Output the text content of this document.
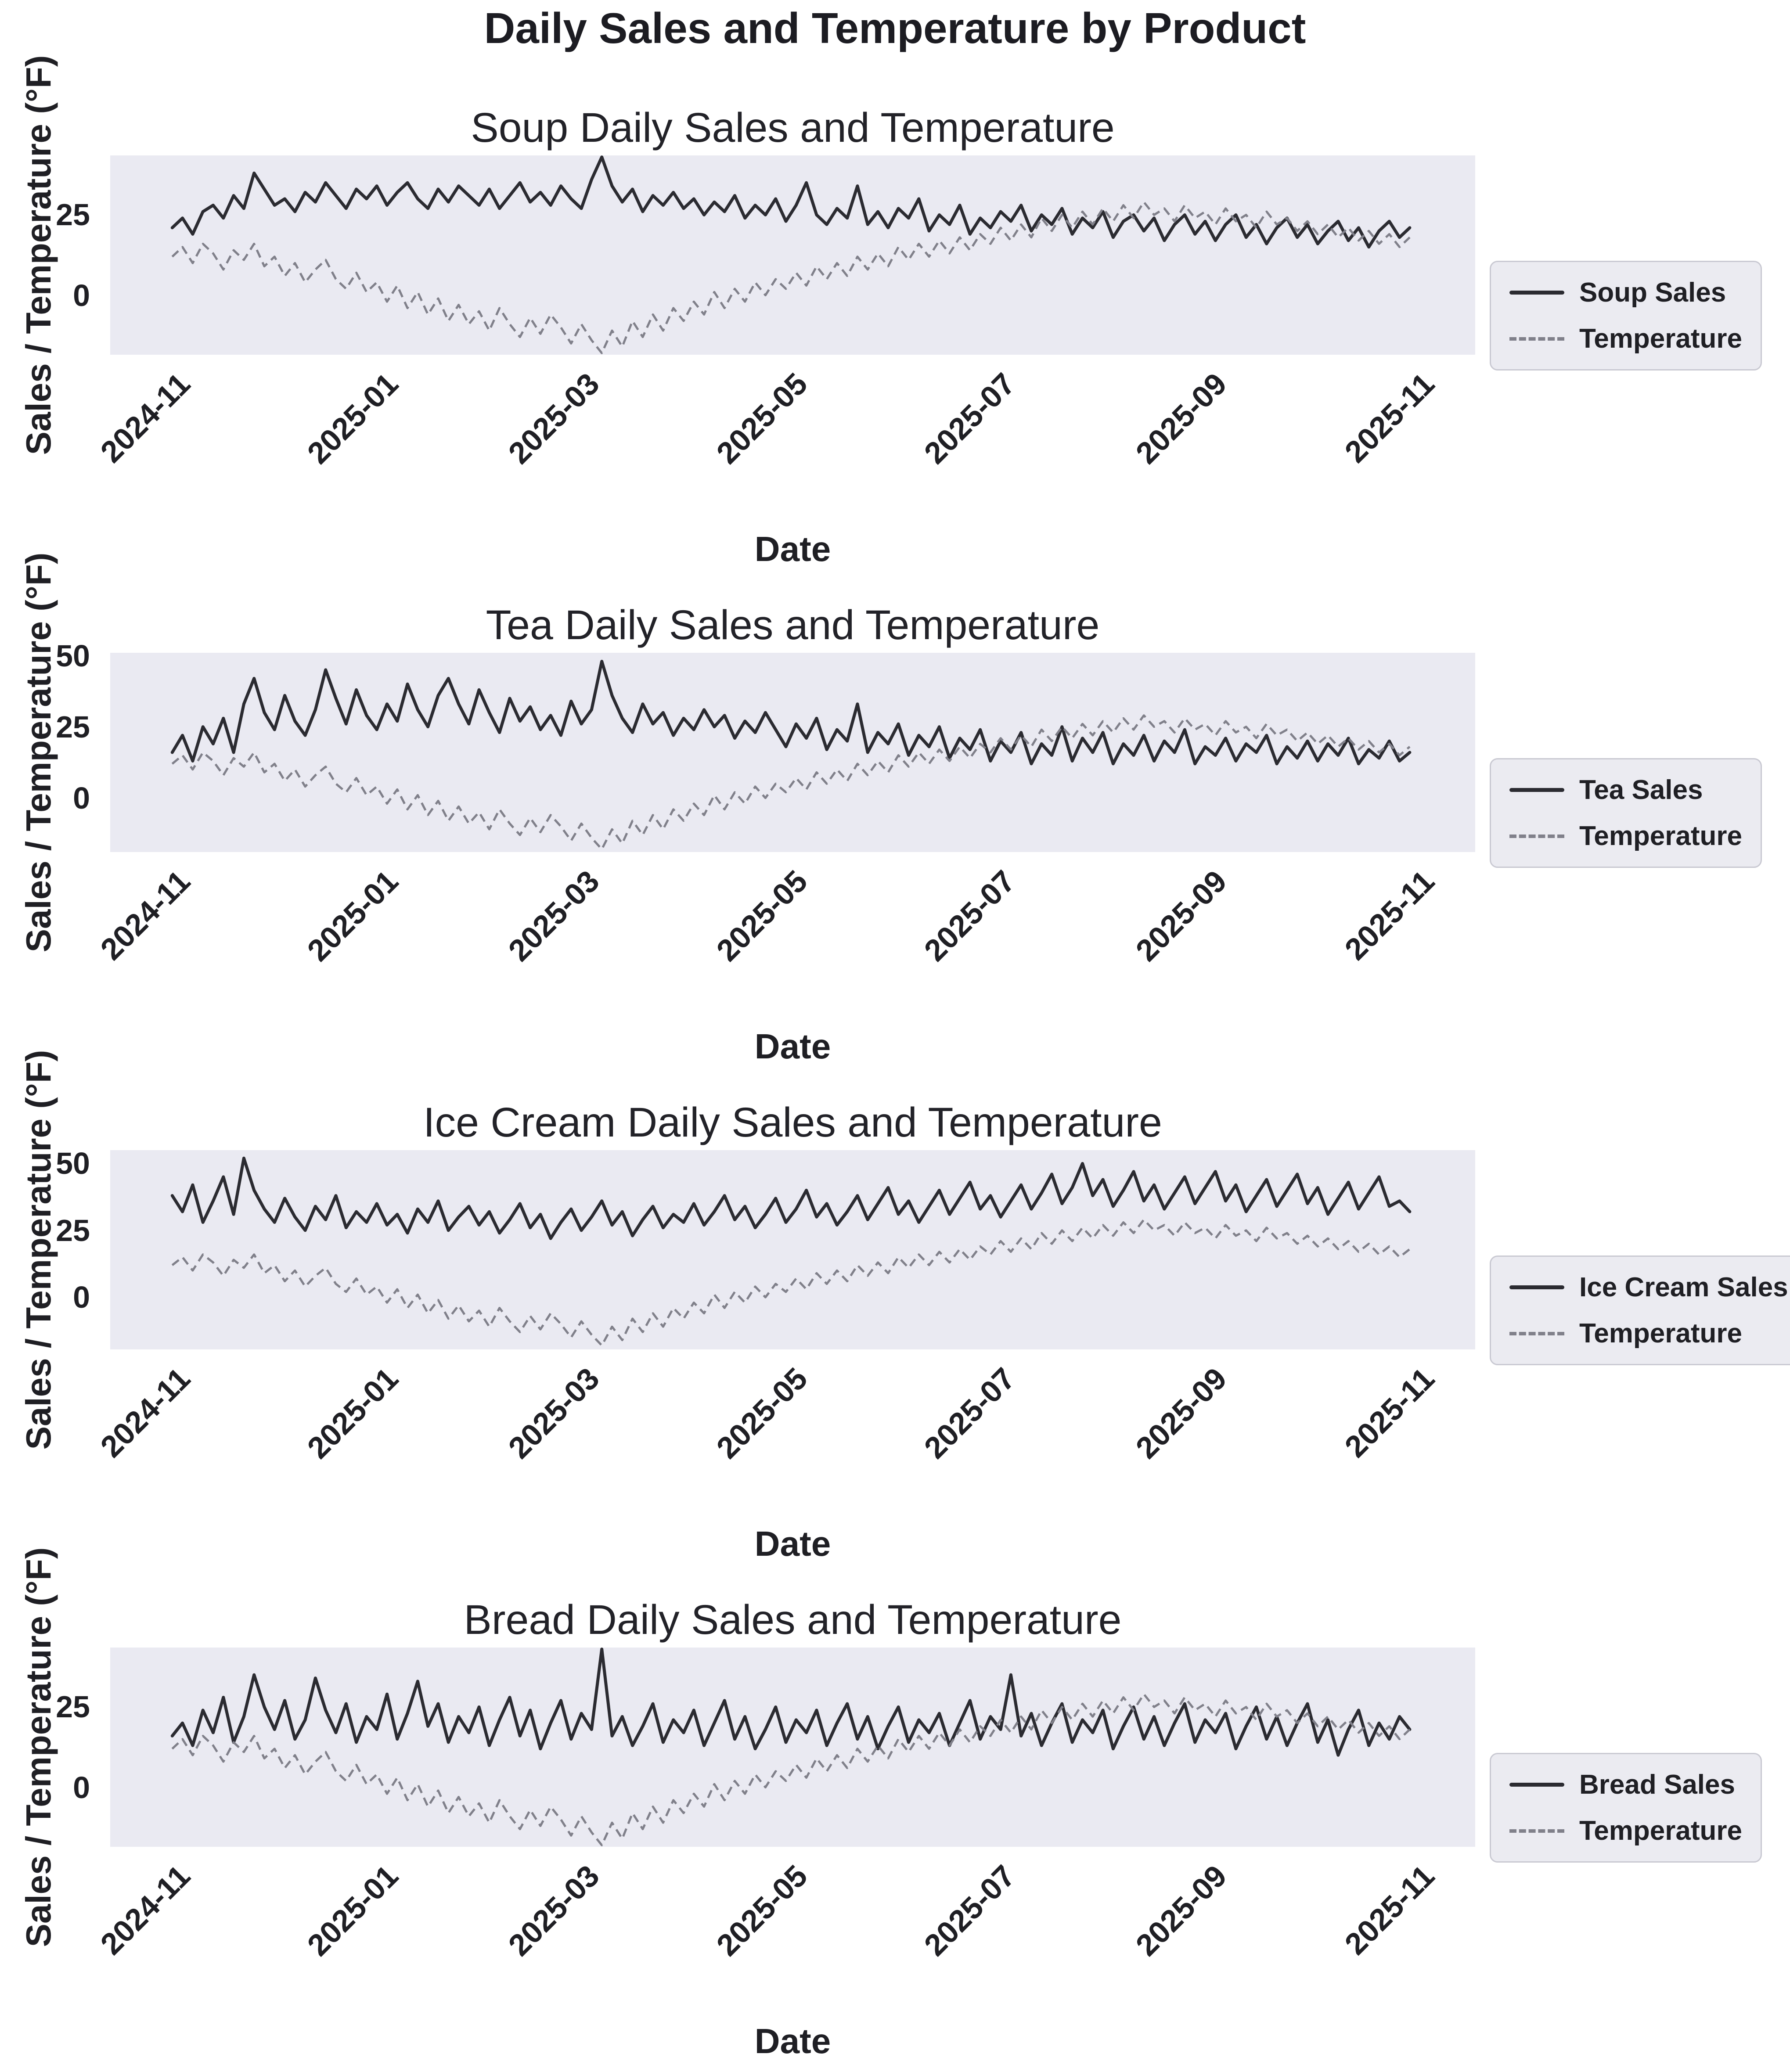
Daily Sales and Temperature by Product
Soup Daily Sales and Temperature
Sales / Temperature (°F)
25
0
2024-11	2025-01	2025-03	2025-05	2025-07	2025-09	2025-11
Date
Soup Sales
Temperature
Tea Daily Sales and Temperature
Sales / Temperature (°F)
50
25
0
2024-11	2025-01	2025-03	2025-05	2025-07	2025-09	2025-11
Date
Tea Sales
Temperature
Ice Cream Daily Sales and Temperature
Sales / Temperature (°F)
50
25
0
2024-11	2025-01	2025-03	2025-05	2025-07	2025-09	2025-11
Date
Ice Cream Sales
Temperature
Bread Daily Sales and Temperature
Sales / Temperature (°F)
25
0
2024-11	2025-01	2025-03	2025-05	2025-07	2025-09	2025-11
Date
Bread Sales
Temperature
